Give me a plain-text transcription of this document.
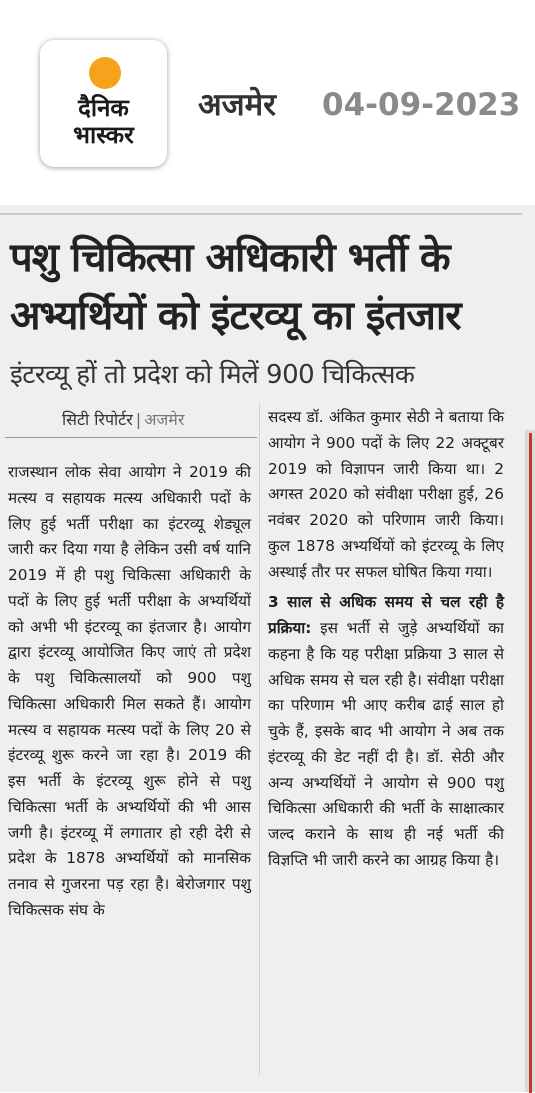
दैनिक
भास्कर
अजमेर 04-09-2023
पशु चिकित्सा अधिकारी भर्ती के
अभ्यर्थियों को इंटरव्यू का इंतजार
इंटरव्यू हों तो प्रदेश को मिलें 900 चिकित्सक
सिटी रिपोर्टर | अजमेर
राजस्थान लोक सेवा आयोग ने 2019 की मत्स्य व सहायक मत्स्य अधिकारी पदों के लिए हुई भर्ती परीक्षा का इंटरव्यू शेड्यूल जारी कर दिया गया है लेकिन उसी वर्ष यानि 2019 में ही पशु चिकित्सा अधिकारी के पदों के लिए हुई भर्ती परीक्षा के अभ्यर्थियों को अभी भी इंटरव्यू का इंतजार है। आयोग द्वारा इंटरव्यू आयोजित किए जाएं तो प्रदेश के पशु चिकित्सालयों को 900 पशु चिकित्सा अधिकारी मिल सकते हैं। आयोग मत्स्य व सहायक मत्स्य पदों के लिए 20 से इंटरव्यू शुरू करने जा रहा है। 2019 की इस भर्ती के इंटरव्यू शुरू होने से पशु चिकित्सा भर्ती के अभ्यर्थियों की भी आस जगी है। इंटरव्यू में लगातार हो रही देरी से प्रदेश के 1878 अभ्यर्थियों को मानसिक तनाव से गुजरना पड़ रहा है। बेरोजगार पशु चिकित्सक संघ के
सदस्य डॉ. अंकित कुमार सेठी ने बताया कि आयोग ने 900 पदों के लिए 22 अक्टूबर 2019 को विज्ञापन जारी किया था। 2 अगस्त 2020 को संवीक्षा परीक्षा हुई, 26 नवंबर 2020 को परिणाम जारी किया। कुल 1878 अभ्यर्थियों को इंटरव्यू के लिए अस्थाई तौर पर सफल घोषित किया गया।
3 साल से अधिक समय से चल रही है प्रक्रिया: इस भर्ती से जुड़े अभ्यर्थियों का कहना है कि यह परीक्षा प्रक्रिया 3 साल से अधिक समय से चल रही है। संवीक्षा परीक्षा का परिणाम भी आए करीब ढाई साल हो चुके हैं, इसके बाद भी आयोग ने अब तक इंटरव्यू की डेट नहीं दी है। डॉ. सेठी और अन्य अभ्यर्थियों ने आयोग से 900 पशु चिकित्सा अधिकारी की भर्ती के साक्षात्कार जल्द कराने के साथ ही नई भर्ती की विज्ञप्ति भी जारी करने का आग्रह किया है।
